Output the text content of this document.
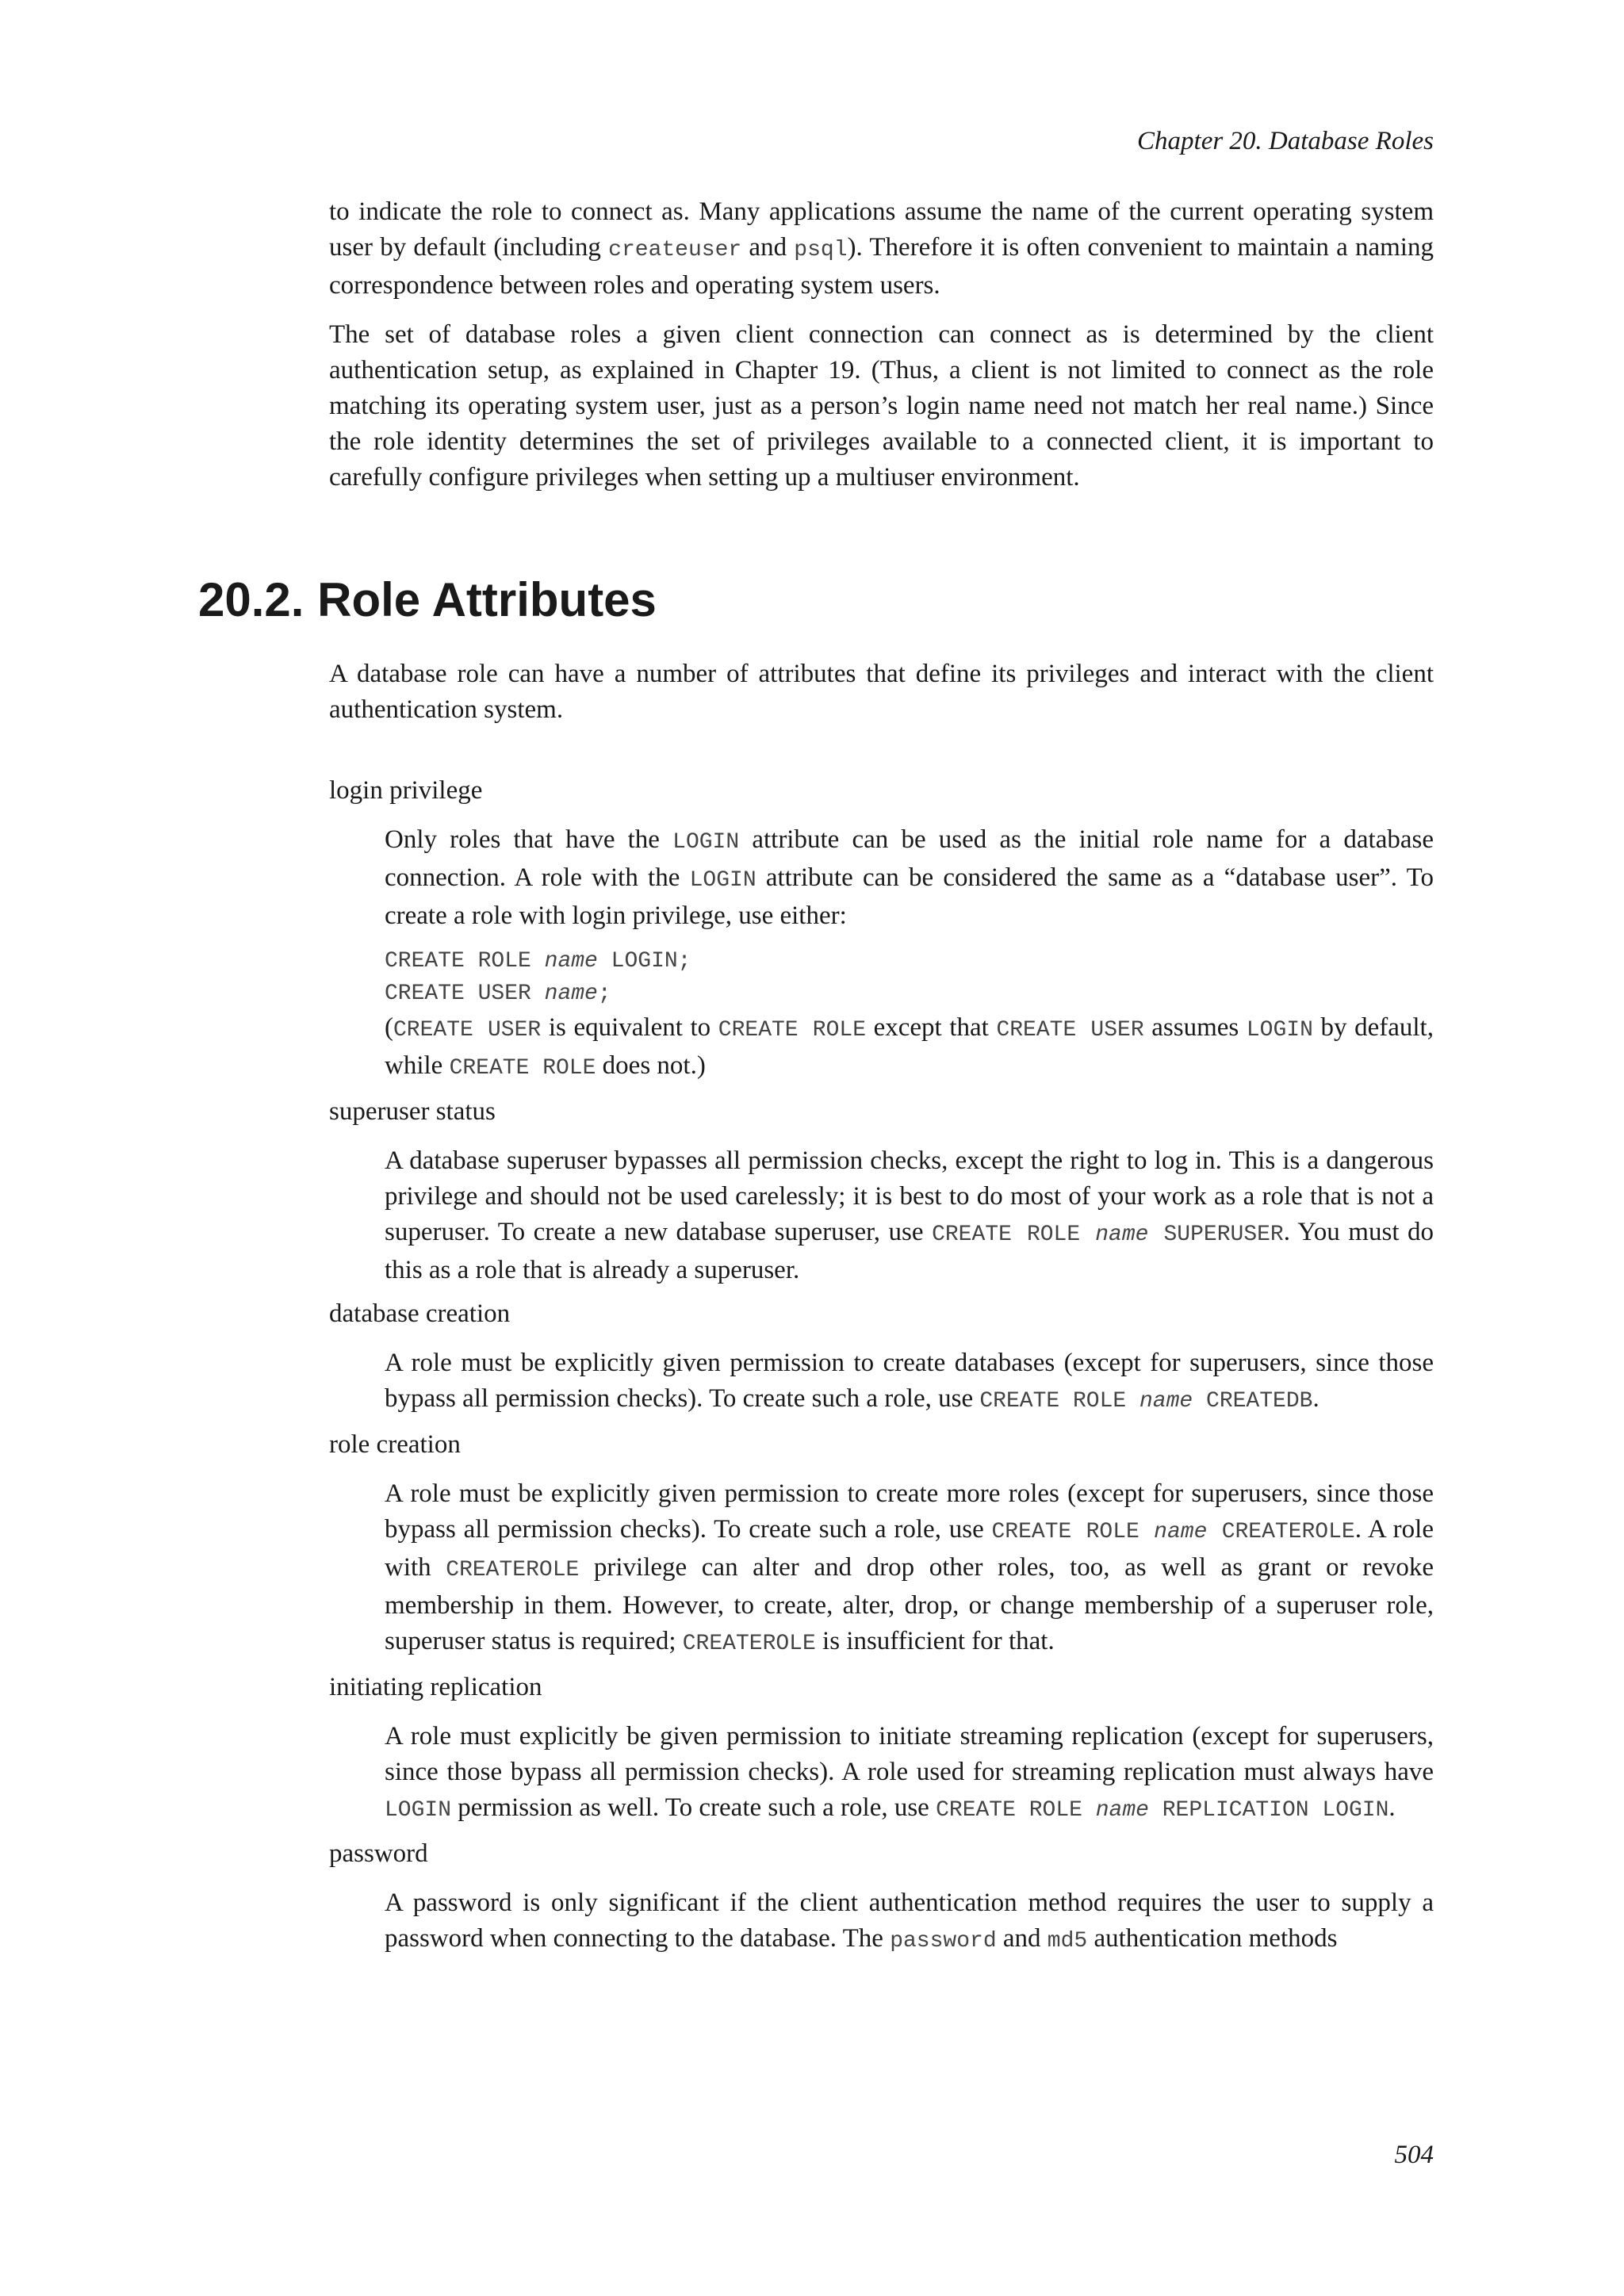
Chapter 20. Database Roles

to indicate the role to connect as. Many applications assume the name of the current operating system user by default (including createuser and psql). Therefore it is often convenient to maintain a naming correspondence between roles and operating system users.

The set of database roles a given client connection can connect as is determined by the client authentication setup, as explained in Chapter 19. (Thus, a client is not limited to connect as the role matching its operating system user, just as a person’s login name need not match her real name.) Since the role identity determines the set of privileges available to a connected client, it is important to carefully configure privileges when setting up a multiuser environment.

20.2. Role Attributes

A database role can have a number of attributes that define its privileges and interact with the client authentication system.

login privilege

Only roles that have the LOGIN attribute can be used as the initial role name for a database connection. A role with the LOGIN attribute can be considered the same as a “database user”. To create a role with login privilege, use either:

CREATE ROLE name LOGIN;
CREATE USER name;

(CREATE USER is equivalent to CREATE ROLE except that CREATE USER assumes LOGIN by default, while CREATE ROLE does not.)

superuser status

A database superuser bypasses all permission checks, except the right to log in. This is a dangerous privilege and should not be used carelessly; it is best to do most of your work as a role that is not a superuser. To create a new database superuser, use CREATE ROLE name SUPERUSER. You must do this as a role that is already a superuser.

database creation

A role must be explicitly given permission to create databases (except for superusers, since those bypass all permission checks). To create such a role, use CREATE ROLE name CREATEDB.

role creation

A role must be explicitly given permission to create more roles (except for superusers, since those bypass all permission checks). To create such a role, use CREATE ROLE name CREATEROLE. A role with CREATEROLE privilege can alter and drop other roles, too, as well as grant or revoke membership in them. However, to create, alter, drop, or change membership of a superuser role, superuser status is required; CREATEROLE is insufficient for that.

initiating replication

A role must explicitly be given permission to initiate streaming replication (except for superusers, since those bypass all permission checks). A role used for streaming replication must always have LOGIN permission as well. To create such a role, use CREATE ROLE name REPLICATION LOGIN.

password

A password is only significant if the client authentication method requires the user to supply a password when connecting to the database. The password and md5 authentication methods

504
